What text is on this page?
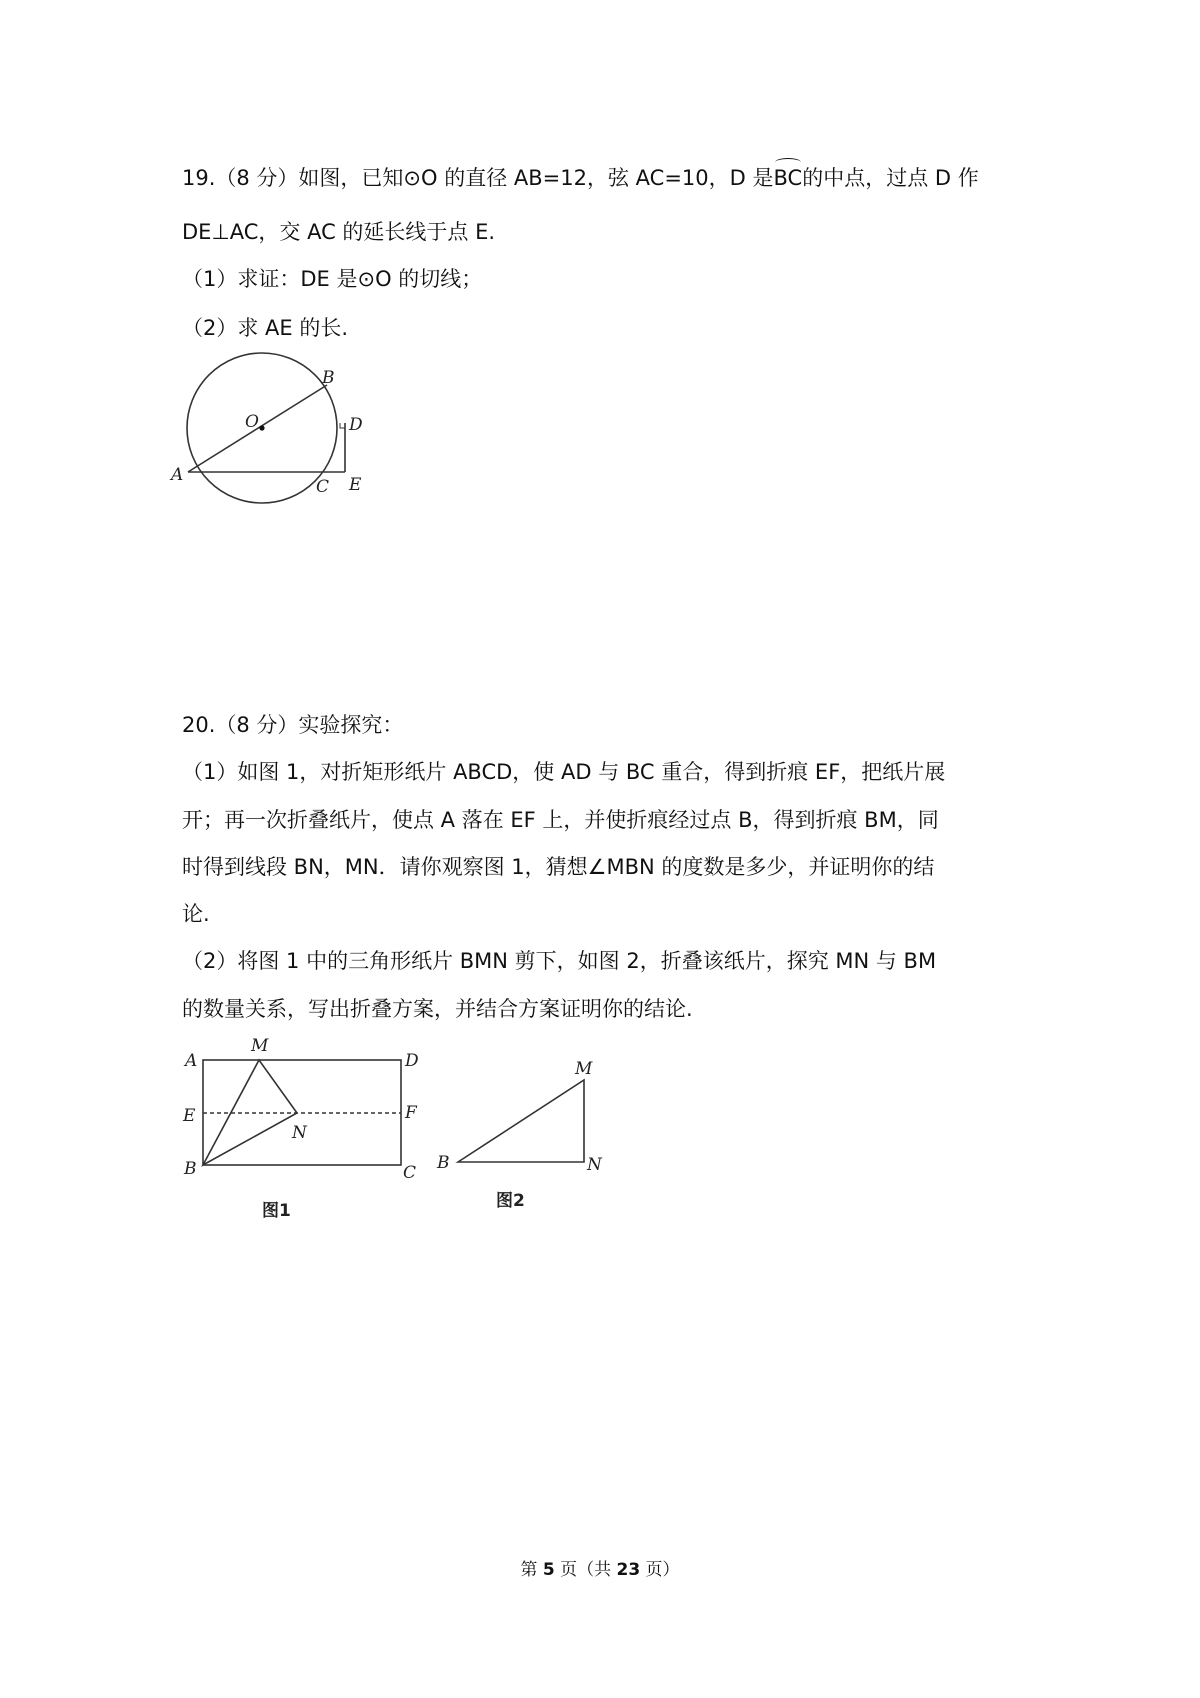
19.（8 分）如图，已知⊙O 的直径 AB=12，弦 AC=10，D 是BC的中点，过点 D 作
DE⊥AC，交 AC 的延长线于点 E.
（1）求证：DE 是⊙O 的切线；
（2）求 AE 的长.
A
B
C
D
E
O
20.（8 分）实验探究：
（1）如图 1，对折矩形纸片 ABCD，使 AD 与 BC 重合，得到折痕 EF，把纸片展
开；再一次折叠纸片，使点 A 落在 EF 上，并使折痕经过点 B，得到折痕 BM，同
时得到线段 BN，MN．请你观察图 1，猜想∠MBN 的度数是多少，并证明你的结
论.
（2）将图 1 中的三角形纸片 BMN 剪下，如图 2，折叠该纸片，探究 MN 与 BM
的数量关系，写出折叠方案，并结合方案证明你的结论.
A
M
D
E	F
N
B	C
图1
M
B	N
图2
第 5 页（共 23 页）
